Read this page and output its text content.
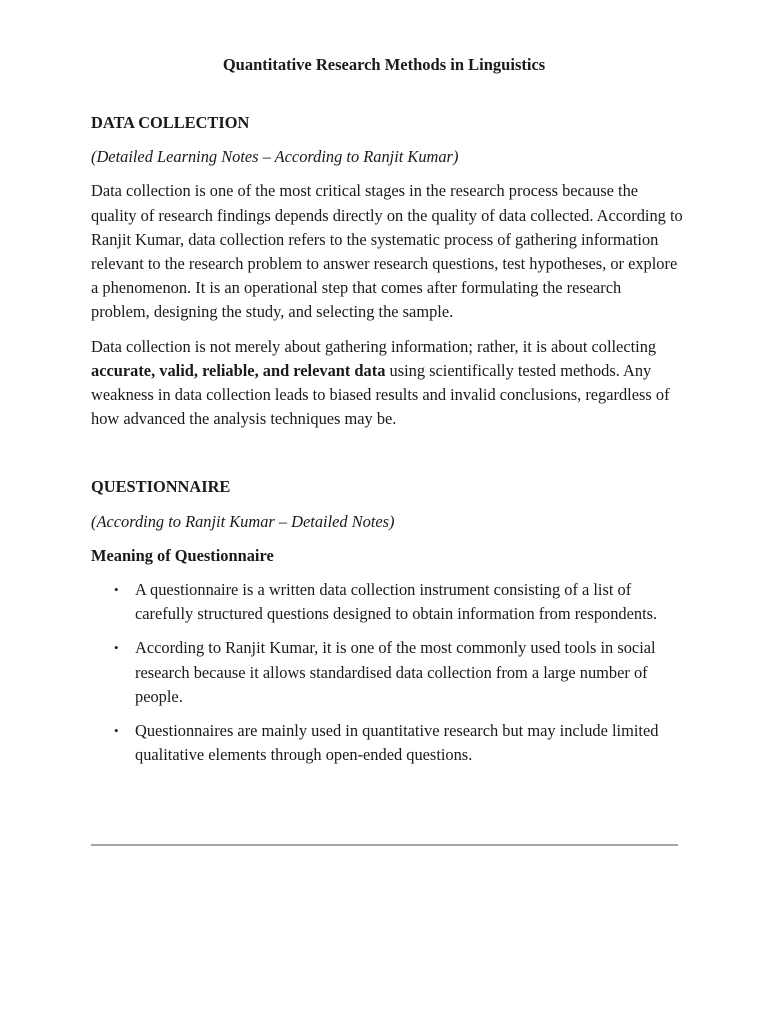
Quantitative Research Methods in Linguistics

DATA COLLECTION

(Detailed Learning Notes – According to Ranjit Kumar)

Data collection is one of the most critical stages in the research process because the quality of research findings depends directly on the quality of data collected. According to Ranjit Kumar, data collection refers to the systematic process of gathering information relevant to the research problem to answer research questions, test hypotheses, or explore a phenomenon. It is an operational step that comes after formulating the research problem, designing the study, and selecting the sample.

Data collection is not merely about gathering information; rather, it is about collecting accurate, valid, reliable, and relevant data using scientifically tested methods. Any weakness in data collection leads to biased results and invalid conclusions, regardless of how advanced the analysis techniques may be.

QUESTIONNAIRE

(According to Ranjit Kumar – Detailed Notes)

Meaning of Questionnaire

• A questionnaire is a written data collection instrument consisting of a list of carefully structured questions designed to obtain information from respondents.
• According to Ranjit Kumar, it is one of the most commonly used tools in social research because it allows standardised data collection from a large number of people.
• Questionnaires are mainly used in quantitative research but may include limited qualitative elements through open-ended questions.
